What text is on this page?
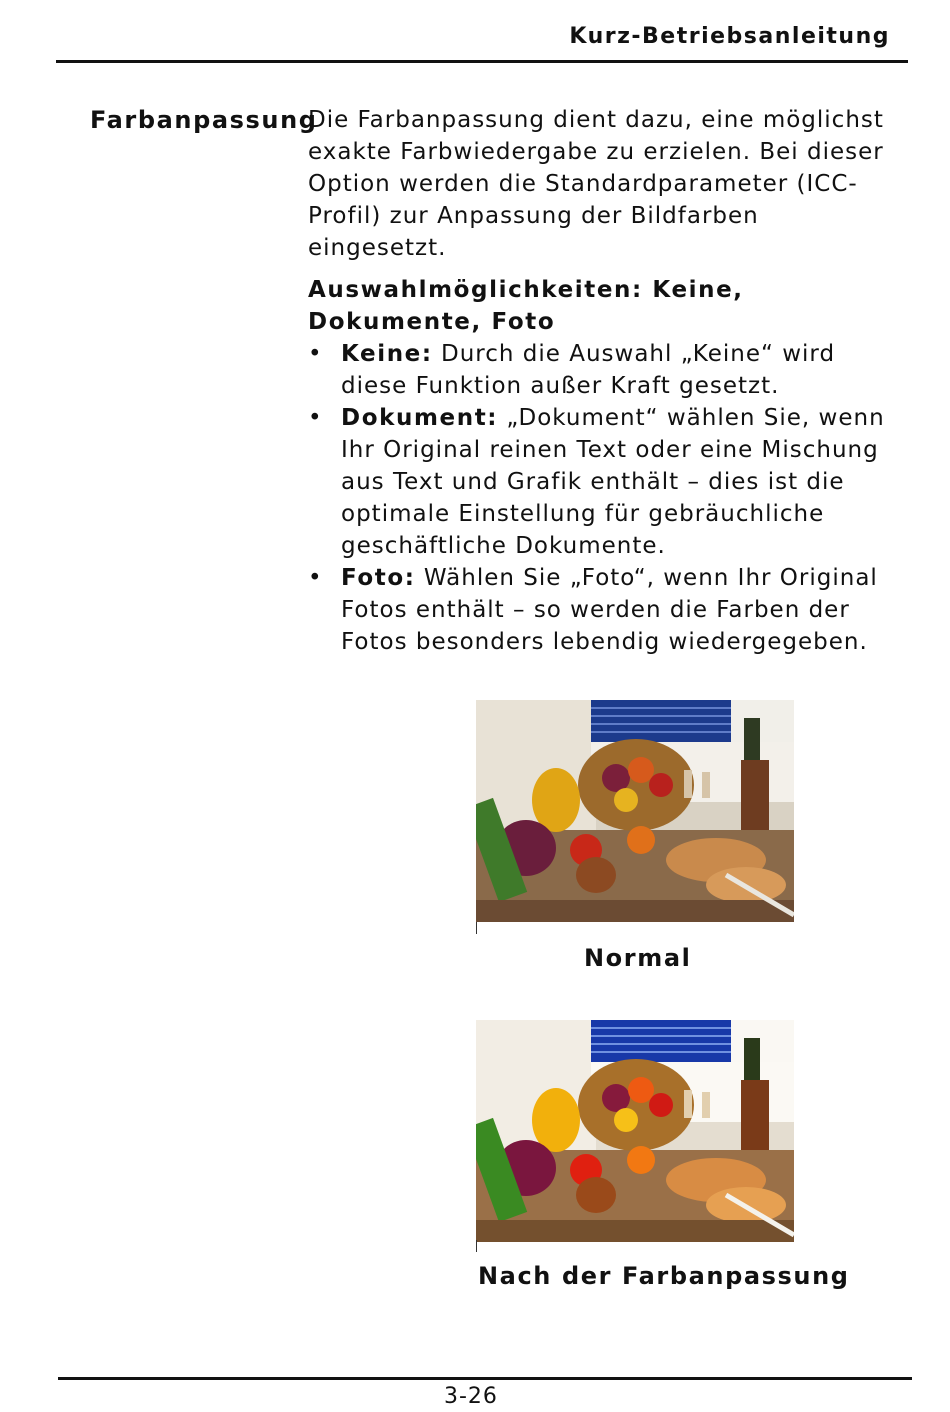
Kurz-Betriebsanleitung
Farbanpassung

Die Farbanpassung dient dazu, eine möglichst exakte Farbwiedergabe zu erzielen. Bei dieser Option werden die Standardparameter (ICC-Profil) zur Anpassung der Bildfarben eingesetzt.

Auswahlmöglichkeiten: Keine, Dokumente, Foto

• Keine: Durch die Auswahl „Keine“ wird diese Funktion außer Kraft gesetzt.
• Dokument: „Dokument“ wählen Sie, wenn Ihr Original reinen Text oder eine Mischung aus Text und Grafik enthält – dies ist die optimale Einstellung für gebräuchliche geschäftliche Dokumente.
• Foto: Wählen Sie „Foto“, wenn Ihr Original Fotos enthält – so werden die Farben der Fotos besonders lebendig wiedergegeben.
Normal
Nach der Farbanpassung
3-26
